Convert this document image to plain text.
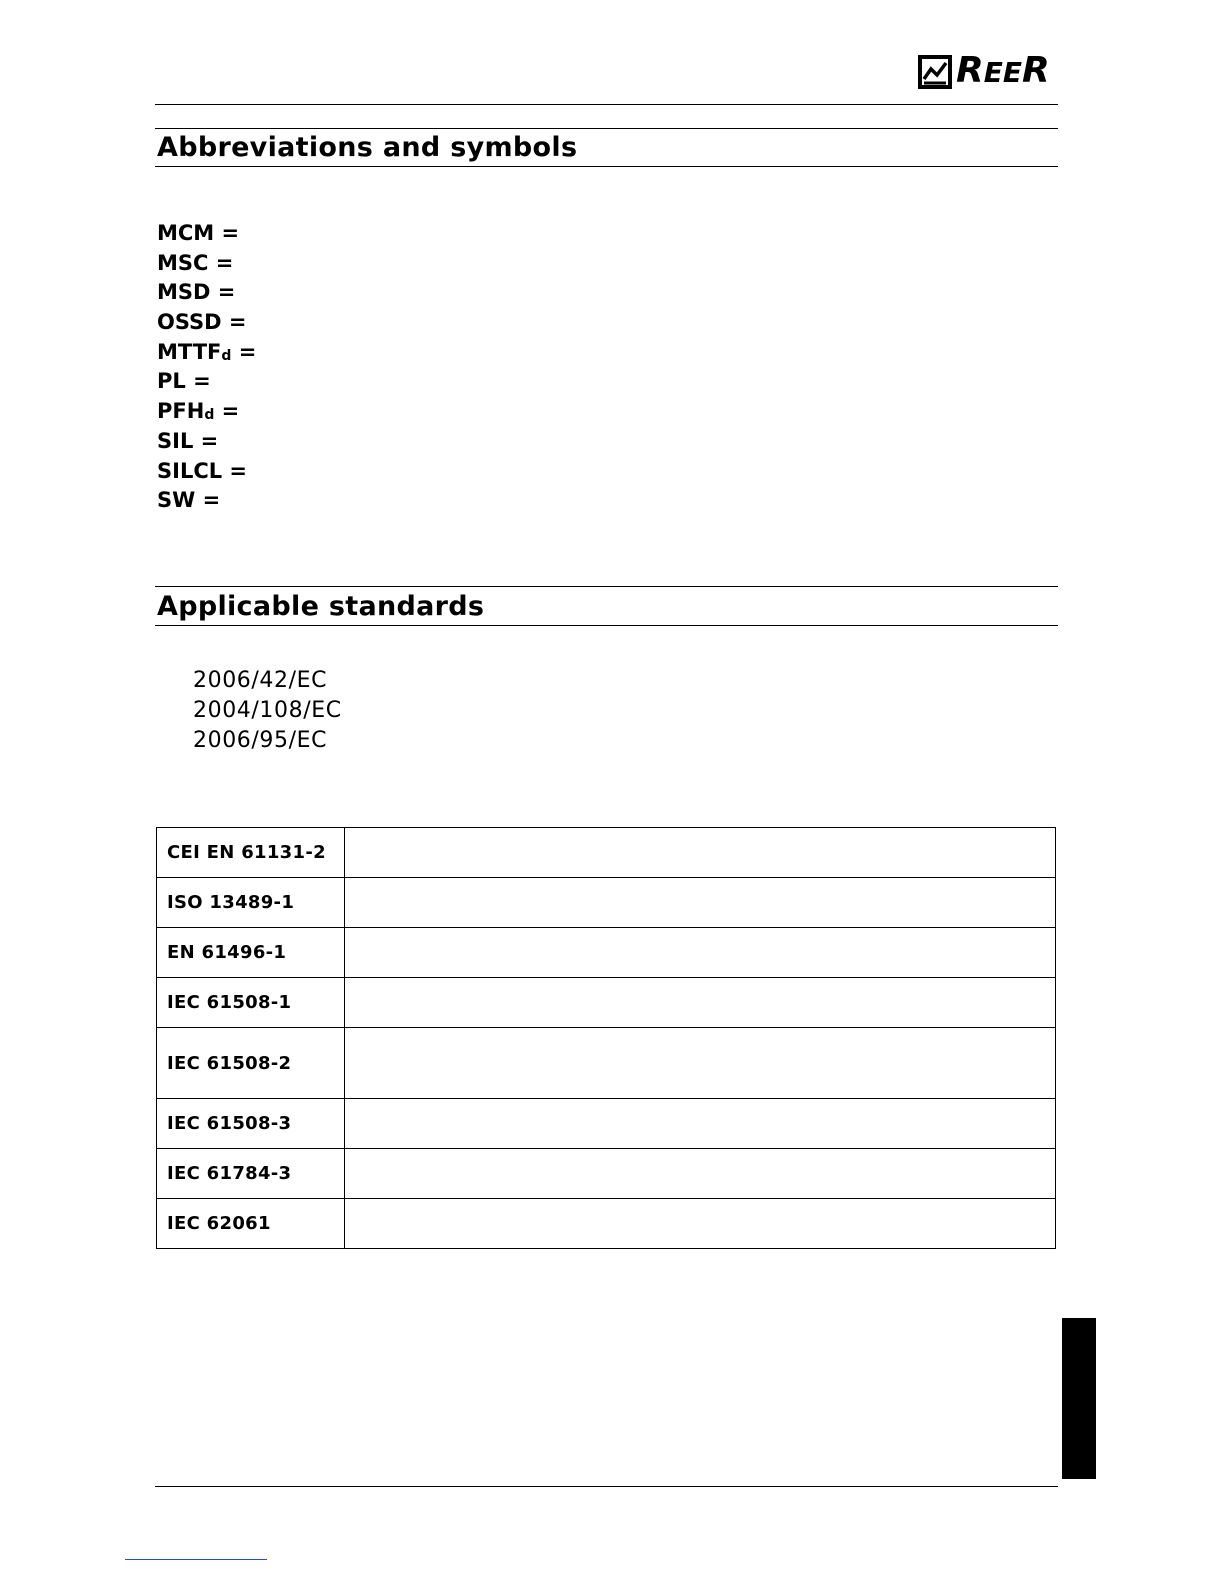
REER
Abbreviations and symbols
MCM =
MSC =
MSD =
OSSD =
$MTTF_d$ =
PL =
$PFH_d$ =
SIL =
SILCL =
SW =
Applicable standards
2006/42/EC
2004/108/EC
2006/95/EC
CEI EN 61131-2	
ISO 13489-1	
EN 61496-1	
IEC 61508-1	
IEC 61508-2	
IEC 61508-3	
IEC 61784-3	
IEC 62061	
